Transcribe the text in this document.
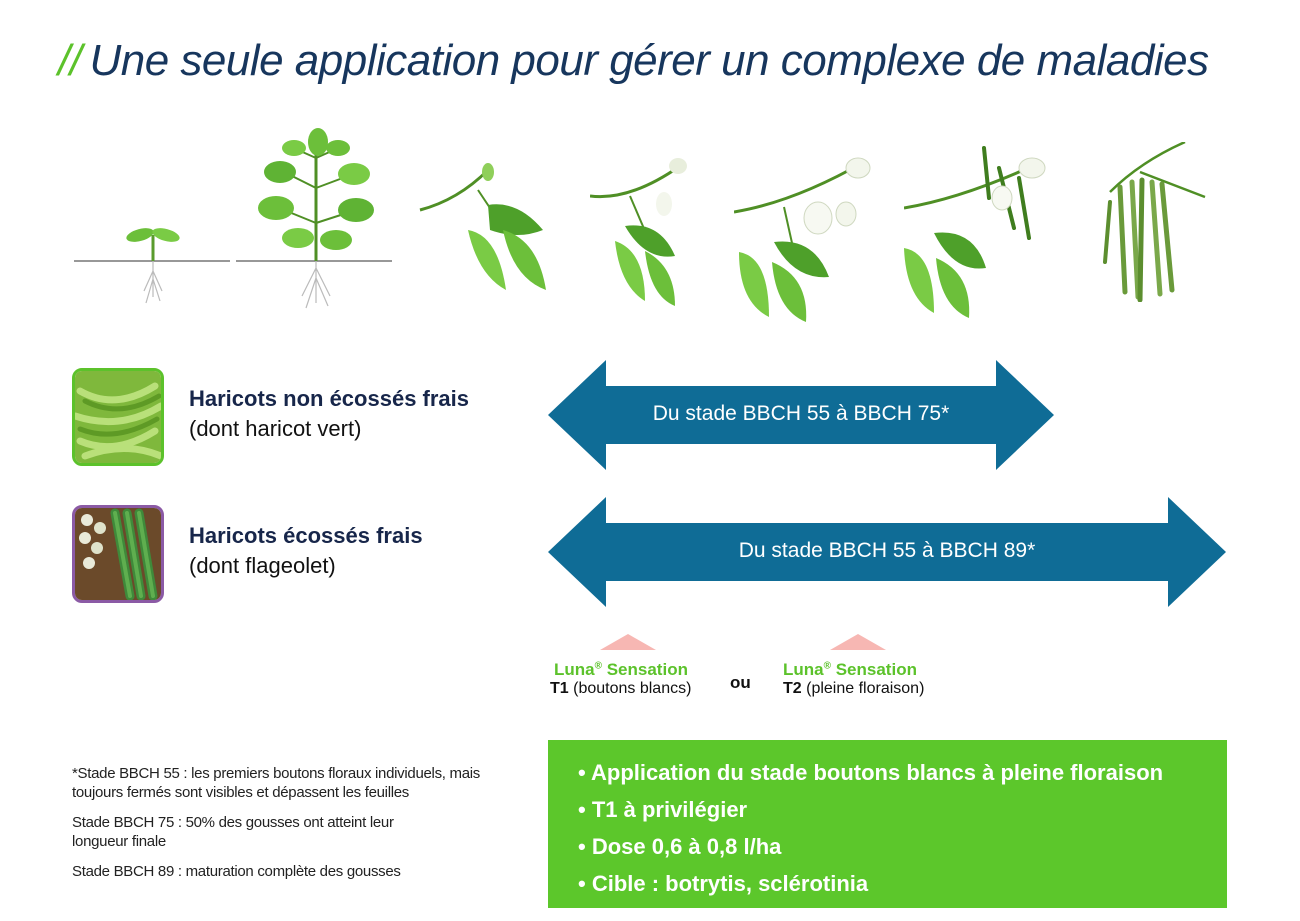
// Une seule application pour gérer un complexe de maladies
Haricots non écossés frais
(dont haricot vert)
Haricots écossés frais
(dont flageolet)
Du stade BBCH 55 à BBCH 75*
Du stade BBCH 55 à BBCH 89*
Luna® Sensation
T1 (boutons blancs) ou
Luna® Sensation
T2 (pleine floraison)

*Stade BBCH 55 : les premiers boutons floraux individuels, mais toujours fermés sont visibles et dépassent les feuilles

Stade BBCH 75 : 50% des gousses ont atteint leur longueur finale

Stade BBCH 89 : maturation complète des gousses

• Application du stade boutons blancs à pleine floraison
• T1 à privilégier
• Dose 0,6 à 0,8 l/ha
• Cible : botrytis, sclérotinia
